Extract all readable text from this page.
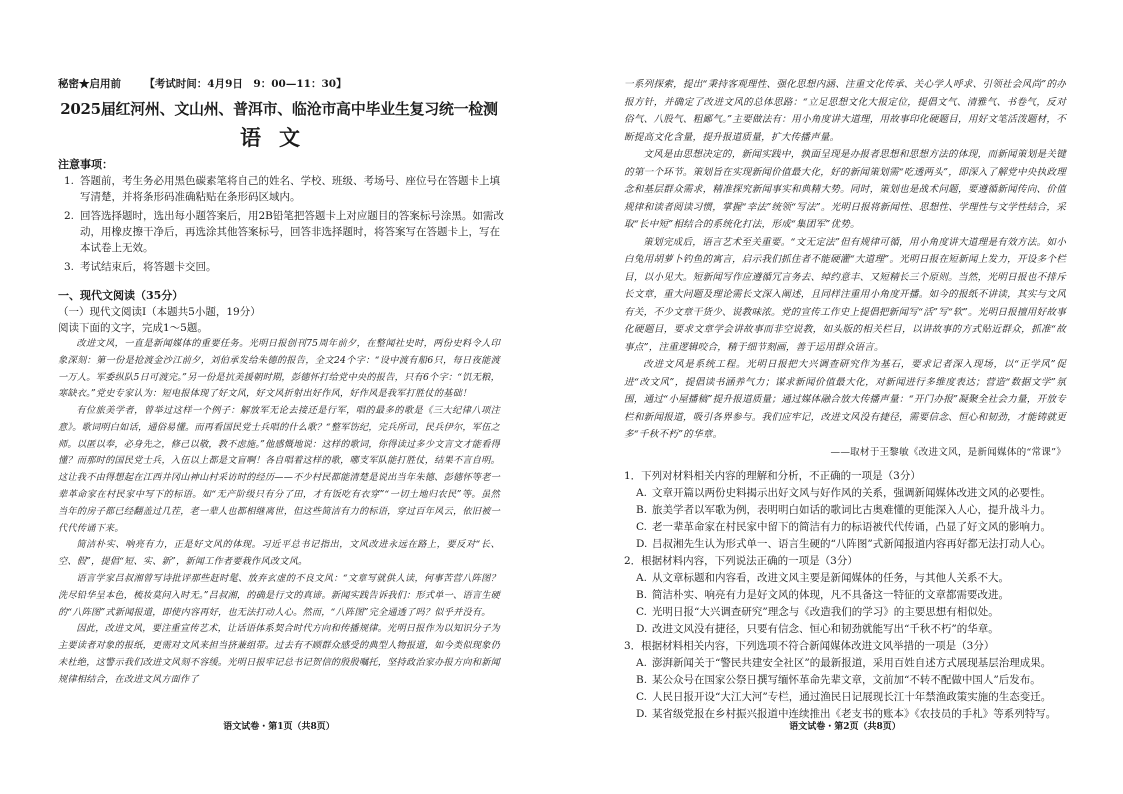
秘密★启用前 【考试时间：4月9日　9：00—11：30】
2025届红河州、文山州、普洱市、临沧市高中毕业生复习统一检测
语文
注意事项：
1. 答题前，考生务必用黑色碳素笔将自己的姓名、学校、班级、考场号、座位号在答题卡上填写清楚，并将条形码准确粘贴在条形码区域内。
2. 回答选择题时，选出每小题答案后，用2B铅笔把答题卡上对应题目的答案标号涂黑。如需改动，用橡皮擦干净后，再选涂其他答案标号，回答非选择题时，将答案写在答题卡上，写在本试卷上无效。
3. 考试结束后，将答题卡交回。
一、现代文阅读（35分）
（一）现代文阅读Ⅰ（本题共5小题，19分）
阅读下面的文字，完成1～5题。

改进文风，一直是新闻媒体的重要任务。光明日报创刊75周年前夕，在整闻社史时，两份史料令人印象深刻：第一份是抢渡金沙江前夕，刘伯承发给朱德的报告，全文24个字：“设中渡有船6只，每日夜能渡一万人。军委纵队5日可渡完。”另一份是抗美援朝时期，彭德怀打给党中央的报告，只有6个字：“饥无粮，寒缺衣。”党史专家认为：短电报体现了好文风，好文风折射出好作风，好作风是我军打胜仗的基础！

有位旅美学者，曾举过这样一个例子：解放军无论去接还是行军，唱的最多的歌是《三大纪律八项注意》。歌词明白如话，通俗易懂。而再看国民党士兵唱的什么歌？“整军饬纪，完兵所司，民兵伊尔，军伍之师。以匿以奉，必身先之，修己以敬，教不虑施。”他感慨地说：这样的歌词，你得读过多少文言文才能看得懂？而那时的国民党士兵，入伍以上都是文盲啊！各自唱着这样的歌，哪支军队能打胜仗，结果不言自明。这让我不由得想起在江西井冈山神山村采访时的经历——不少村民都能清楚是说出当年朱德、彭德怀等老一辈革命家在村民家中写下的标语。如“无产阶级只有分了田，才有饭吃有衣穿”“一切土地归农民”等。虽然当年的房子都已经翻盖过几茬，老一辈人也都相继离世，但这些简洁有力的标语，穿过百年风云，依旧被一代代传诵下来。

简洁朴实、响亮有力，正是好文风的体现。习近平总书记指出，文风改进永远在路上，要反对“长、空、假”，提倡“短、实、新”，新闻工作者要栽作风改文风。

语言学家吕叔湘曾写诗批评那些赶时髦、放弃玄虚的不良文风：“文章写就供人读，何事苦营八阵图？洗尽铅华呈本色，梳妆莫问入时无。”吕叔湘，的确是行文的真谛。新闻实践告诉我们：形式单一、语言生硬的“八阵图”式新闻报道，即使内容再好，也无法打动人心。然而，“八阵图”完全通透了吗？似乎并没有。

因此，改进文风，要注重宣传艺术，让话语体系契合时代方向和传播规律。光明日报作为以知识分子为主要读者对象的报纸，更需对文风来担当挤兼组带。过去有不顾群众感受的典型人物报道，如今类似现象仍未杜绝，这警示我们改进文风刻不容缓。光明日报牢记总书记贺信的殷殷嘱托，坚持政治家办报方向和新闻规律相结合，在改进文风方面作了

语文试卷・第1页（共8页）

一系列探索，提出“秉持客观理性、强化思想内涵、注重文化传承、关心学人呼求、引领社会风尚”的办报方针，并确定了改进文风的总体思路：“立足思想文化大报定位，提倡文气、清雅气、书卷气，反对俗气、八股气、粗鄙气。”主要做法有：用小角度讲大道理，用故事印化硬题目，用好文笔活泼题材，不断提高文化含量，提升报道质量，扩大传播声量。

文风是由思想决定的，新闻实践中，孰面呈现是办报者思想和思想方法的体现，而新闻策划是关键的第一个环节。策划旨在实现新闻价值最大化，好的新闻策划需“吃透两头”，即深入了解党中央执政理念和基层群众需求，精准探究新闻事实和典精大势。同时，策划也是战术问题，要遵循新闻传向、价值规律和读者阅读习惯，掌握“幸法”统领“写法”。光明日报将新闻性、思想性、学理性与文学性结合，采取“长中短”相结合的系统化打法，形成“集团军”优势。

策划完成后，语言艺术至关重要。“文无定法”但有规律可循，用小角度讲大道理是有效方法。如小白兔用胡萝卜钓鱼的寓言，启示我们抓住者不能硬灌“大道理”。光明日报在短新闻上发力，开设多个栏目，以小见大。短新闻写作应遵循冗言务去、绰约意丰、又短精长三个原则。当然，光明日报也不排斥长文章，重大问题及理论需长文深入阐述，且同样注重用小角度开播。如今的报纸不讲读，其实与文风有关，不少文章干货少、说教味浓。党的宣传工作史上提倡把新闻写“活”写“软”。光明日报擅用好故事化硬题目，要求文章学会讲故事而非空说教，如头版的相关栏目，以讲故事的方式贴近群众，抓准“故事点”，注重逻辑咬合，精于细节刻画，善于运用群众语言。

改进文风是系统工程。光明日报把大兴调查研究作为基石，要求记者深入现场，以“正学风”促进“改文风”，提倡读书涵养气力；谋求新闻价值最大化，对新闻进行多维度表达；营造“数据文学”氛围，通过“小屋播稿”提升报道质量；通过媒体融合放大传播声量：“开门办报”凝聚全社会力量，开放专栏和新闻报道，吸引各界参与。我们应牢记，改进文风没有捷径，需要信念、恒心和韧劲，才能铸就更多“千秋不朽”的华章。

——取材于王黎敏《改进文风，是新闻媒体的“常课”》

1．下列对材料相关内容的理解和分析，不正确的一项是（3分）
A. 文章开篇以两份史料揭示出好文风与好作风的关系，强调新闻媒体改进文风的必要性。
B. 旅美学者以军歌为例，表明明白如话的歌词比古奥难懂的更能深入人心，提升战斗力。
C. 老一辈革命家在村民家中留下的简洁有力的标语被代代传诵，凸显了好文风的影响力。
D. 吕叔湘先生认为形式单一、语言生硬的“八阵图”式新闻报道内容再好都无法打动人心。
2．根据材料内容，下列说法正确的一项是（3分）
A. 从文章标题和内容看，改进文风主要是新闻媒体的任务，与其他人关系不大。
B. 简洁朴实、响亮有力是好文风的体现，凡不具备这一特征的文章都需要改进。
C. 光明日报“大兴调查研究”理念与《改造我们的学习》的主要思想有相似处。
D. 改进文风没有捷径，只要有信念、恒心和韧劲就能写出“千秋不朽”的华章。
3．根据材料相关内容，下列选项不符合新闻媒体改进文风举措的一项是（3分）
A. 澎湃新闻关于“警民共建安全社区”的最新报道，采用百姓自述方式展现基层治理成果。
B. 某公众号在国家公祭日撰写缅怀革命先辈文章，文前加“不转不配做中国人”后发布。
C. 人民日报开设“大江大河”专栏，通过渔民日记展现长江十年禁渔政策实施的生态变迁。
D. 某省级党报在乡村振兴报道中连续推出《老支书的账本》《农技员的手札》等系列特写。
语文试卷・第2页（共8页）
